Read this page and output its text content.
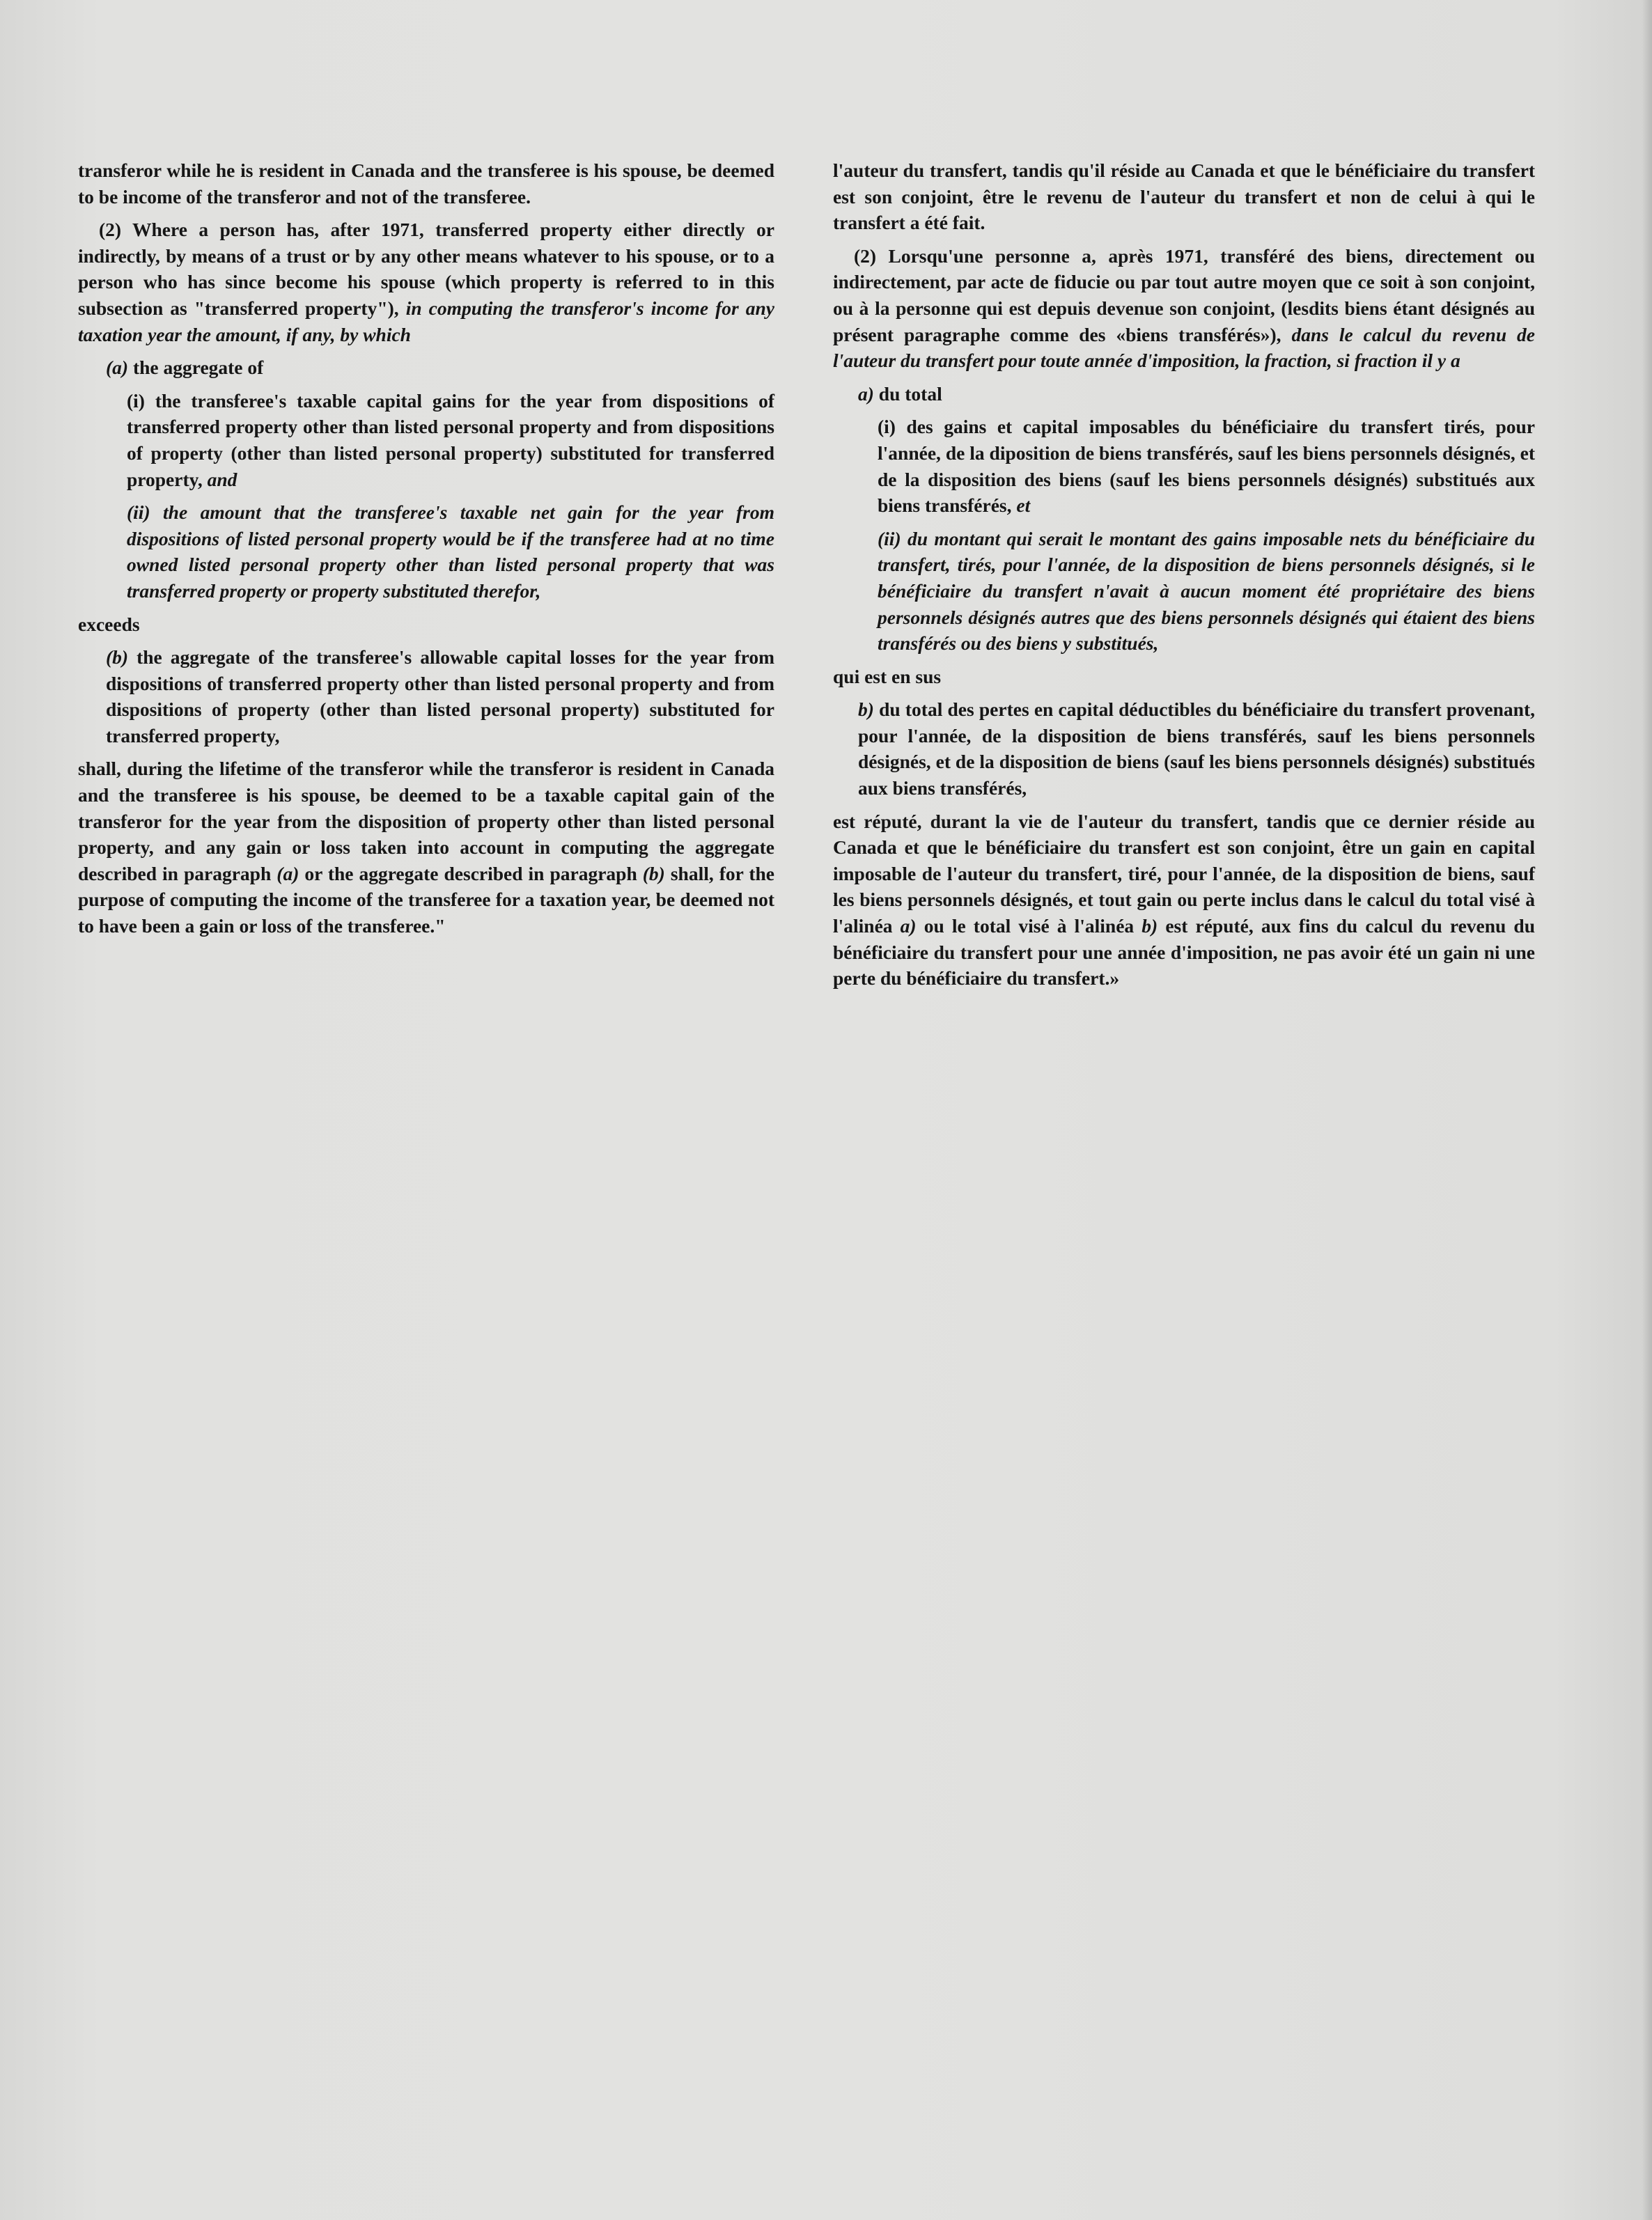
transferor while he is resident in Canada and the transferee is his spouse, be deemed to be income of the transferor and not of the transferee.

(2) Where a person has, after 1971, transferred property either directly or indirectly, by means of a trust or by any other means whatever to his spouse, or to a person who has since become his spouse (which property is referred to in this subsection as "transferred property"), in computing the transferor's income for any taxation year the amount, if any, by which

(a) the aggregate of

(i) the transferee's taxable capital gains for the year from dispositions of transferred property other than listed personal property and from dispositions of property (other than listed personal property) substituted for transferred property, and

(ii) the amount that the transferee's taxable net gain for the year from dispositions of listed personal property would be if the transferee had at no time owned listed personal property other than listed personal property that was transferred property or property substituted therefor,

exceeds

(b) the aggregate of the transferee's allowable capital losses for the year from dispositions of transferred property other than listed personal property and from dispositions of property (other than listed personal property) substituted for transferred property,

shall, during the lifetime of the transferor while the transferor is resident in Canada and the transferee is his spouse, be deemed to be a taxable capital gain of the transferor for the year from the disposition of property other than listed personal property, and any gain or loss taken into account in computing the aggregate described in paragraph (a) or the aggregate described in paragraph (b) shall, for the purpose of computing the income of the transferee for a taxation year, be deemed not to have been a gain or loss of the transferee."

l'auteur du transfert, tandis qu'il réside au Canada et que le bénéficiaire du transfert est son conjoint, être le revenu de l'auteur du transfert et non de celui à qui le transfert a été fait.

(2) Lorsqu'une personne a, après 1971, transféré des biens, directement ou indirectement, par acte de fiducie ou par tout autre moyen que ce soit à son conjoint, ou à la personne qui est depuis devenue son conjoint, (lesdits biens étant désignés au présent paragraphe comme des «biens transférés»), dans le calcul du revenu de l'auteur du transfert pour toute année d'imposition, la fraction, si fraction il y a

a) du total

(i) des gains et capital imposables du bénéficiaire du transfert tirés, pour l'année, de la diposition de biens transférés, sauf les biens personnels désignés, et de la disposition des biens (sauf les biens personnels désignés) substitués aux biens transférés, et

(ii) du montant qui serait le montant des gains imposable nets du bénéficiaire du transfert, tirés, pour l'année, de la disposition de biens personnels désignés, si le bénéficiaire du transfert n'avait à aucun moment été propriétaire des biens personnels désignés autres que des biens personnels désignés qui étaient des biens transférés ou des biens y substitués,

qui est en sus

b) du total des pertes en capital déductibles du bénéficiaire du transfert provenant, pour l'année, de la disposition de biens transférés, sauf les biens personnels désignés, et de la disposition de biens (sauf les biens personnels désignés) substitués aux biens transférés,

est réputé, durant la vie de l'auteur du transfert, tandis que ce dernier réside au Canada et que le bénéficiaire du transfert est son conjoint, être un gain en capital imposable de l'auteur du transfert, tiré, pour l'année, de la disposition de biens, sauf les biens personnels désignés, et tout gain ou perte inclus dans le calcul du total visé à l'alinéa a) ou le total visé à l'alinéa b) est réputé, aux fins du calcul du revenu du bénéficiaire du transfert pour une année d'imposition, ne pas avoir été un gain ni une perte du bénéficiaire du transfert.»
